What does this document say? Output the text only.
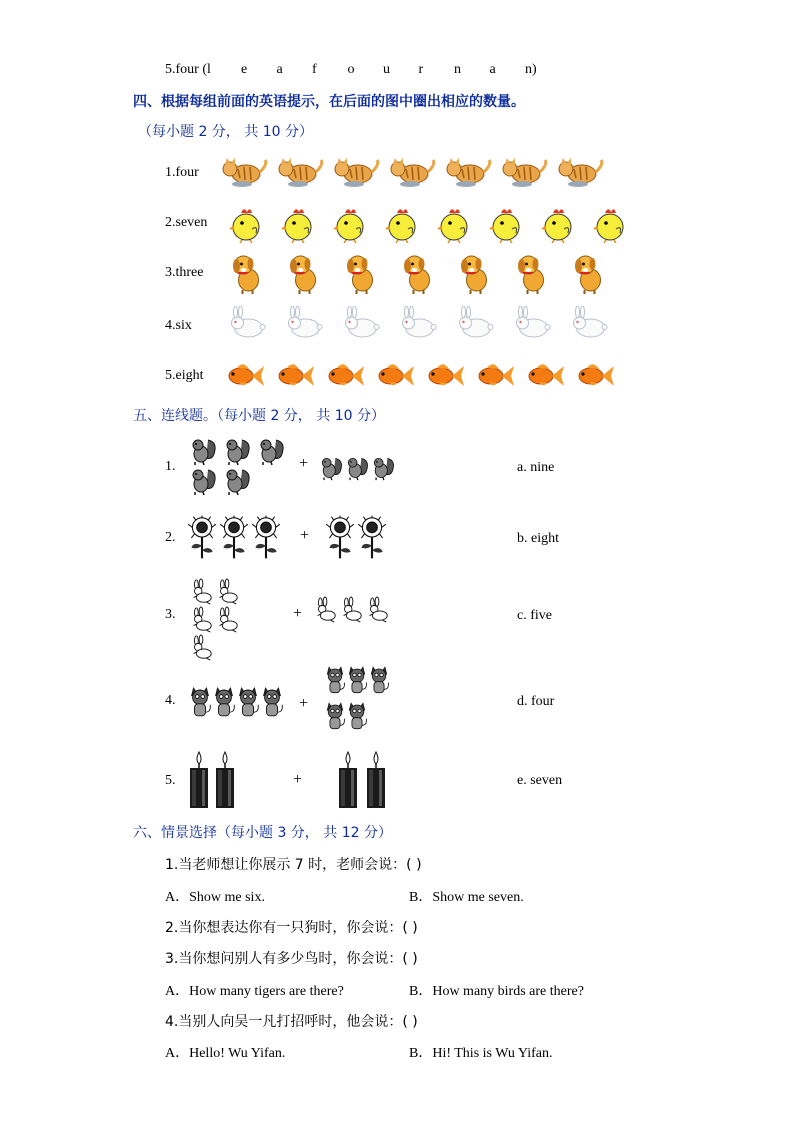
5.four (l e a f o u r n a n)
四、根据每组前面的英语提示，在后面的图中圈出相应的数量。
（每小题 2 分， 共 10 分）
1.four
2.seven
3.three
4.six
5.eight
五、连线题。（每小题 2 分， 共 10 分）
1.	+	a. nine
2.	+	b. eight
3.	+	c. five
4.	+	d. four
5.	+	e. seven
六、情景选择（每小题 3 分， 共 12 分）
1.当老师想让你展示 7 时，老师会说：( )
A．Show me six.	B．Show me seven.
2.当你想表达你有一只狗时，你会说：( )
3.当你想问别人有多少鸟时，你会说：( )
A．How many tigers are there?	B．How many birds are there?
4.当别人向吴一凡打招呼时，他会说：( )
A．Hello! Wu Yifan.	B．Hi! This is Wu Yifan.
